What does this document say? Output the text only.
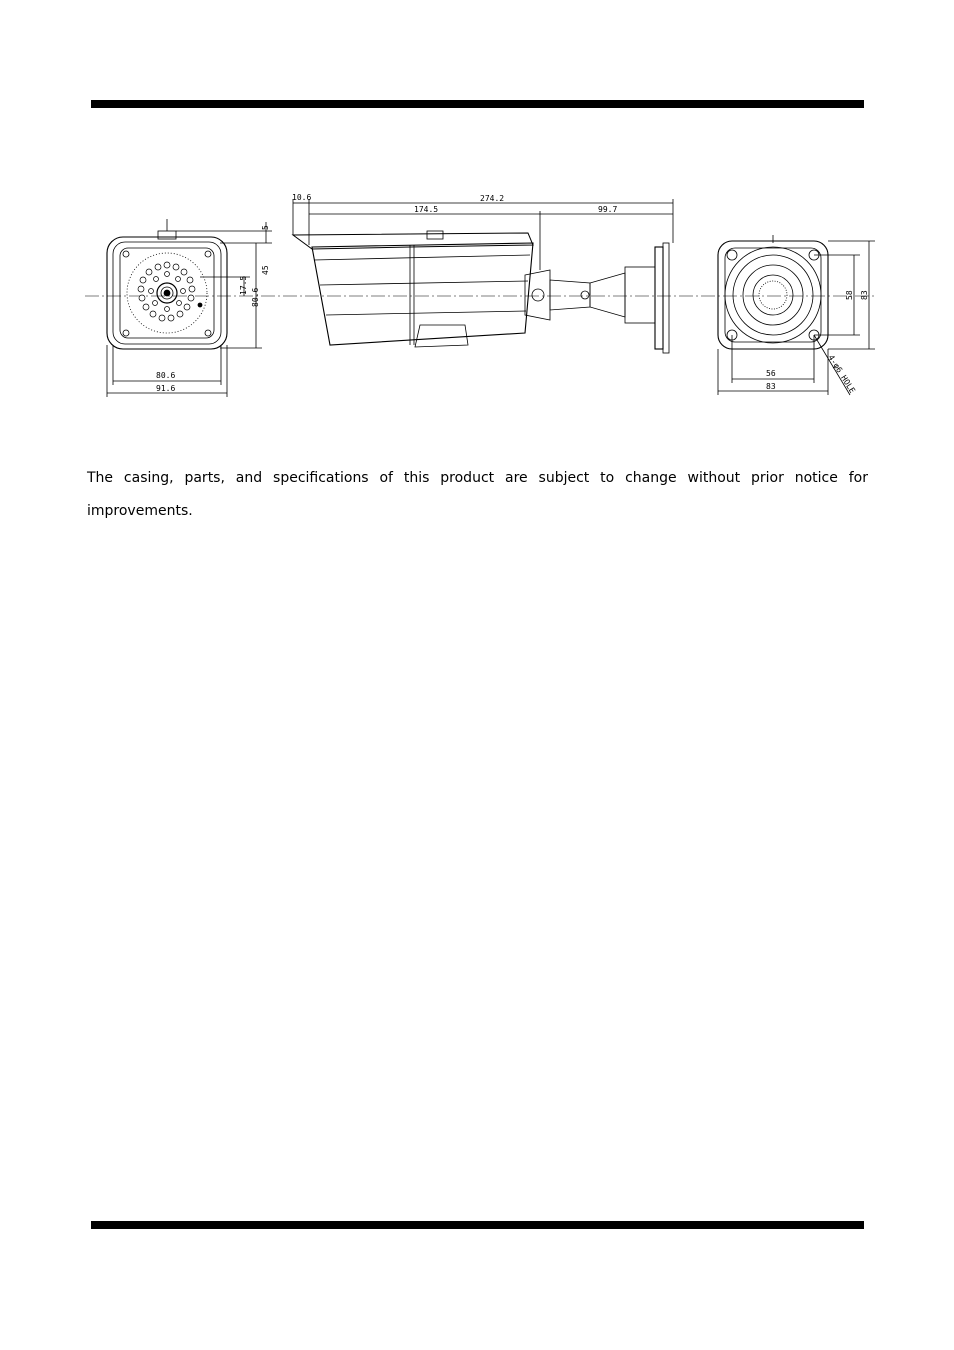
5
45
17.5
80.6
80.6
91.6
10.6	274.2
174.5	99.7
58 83
56
83	4-φ6 HOLE

The casing, parts, and specifications of this product are subject to change without prior notice for improvements.
